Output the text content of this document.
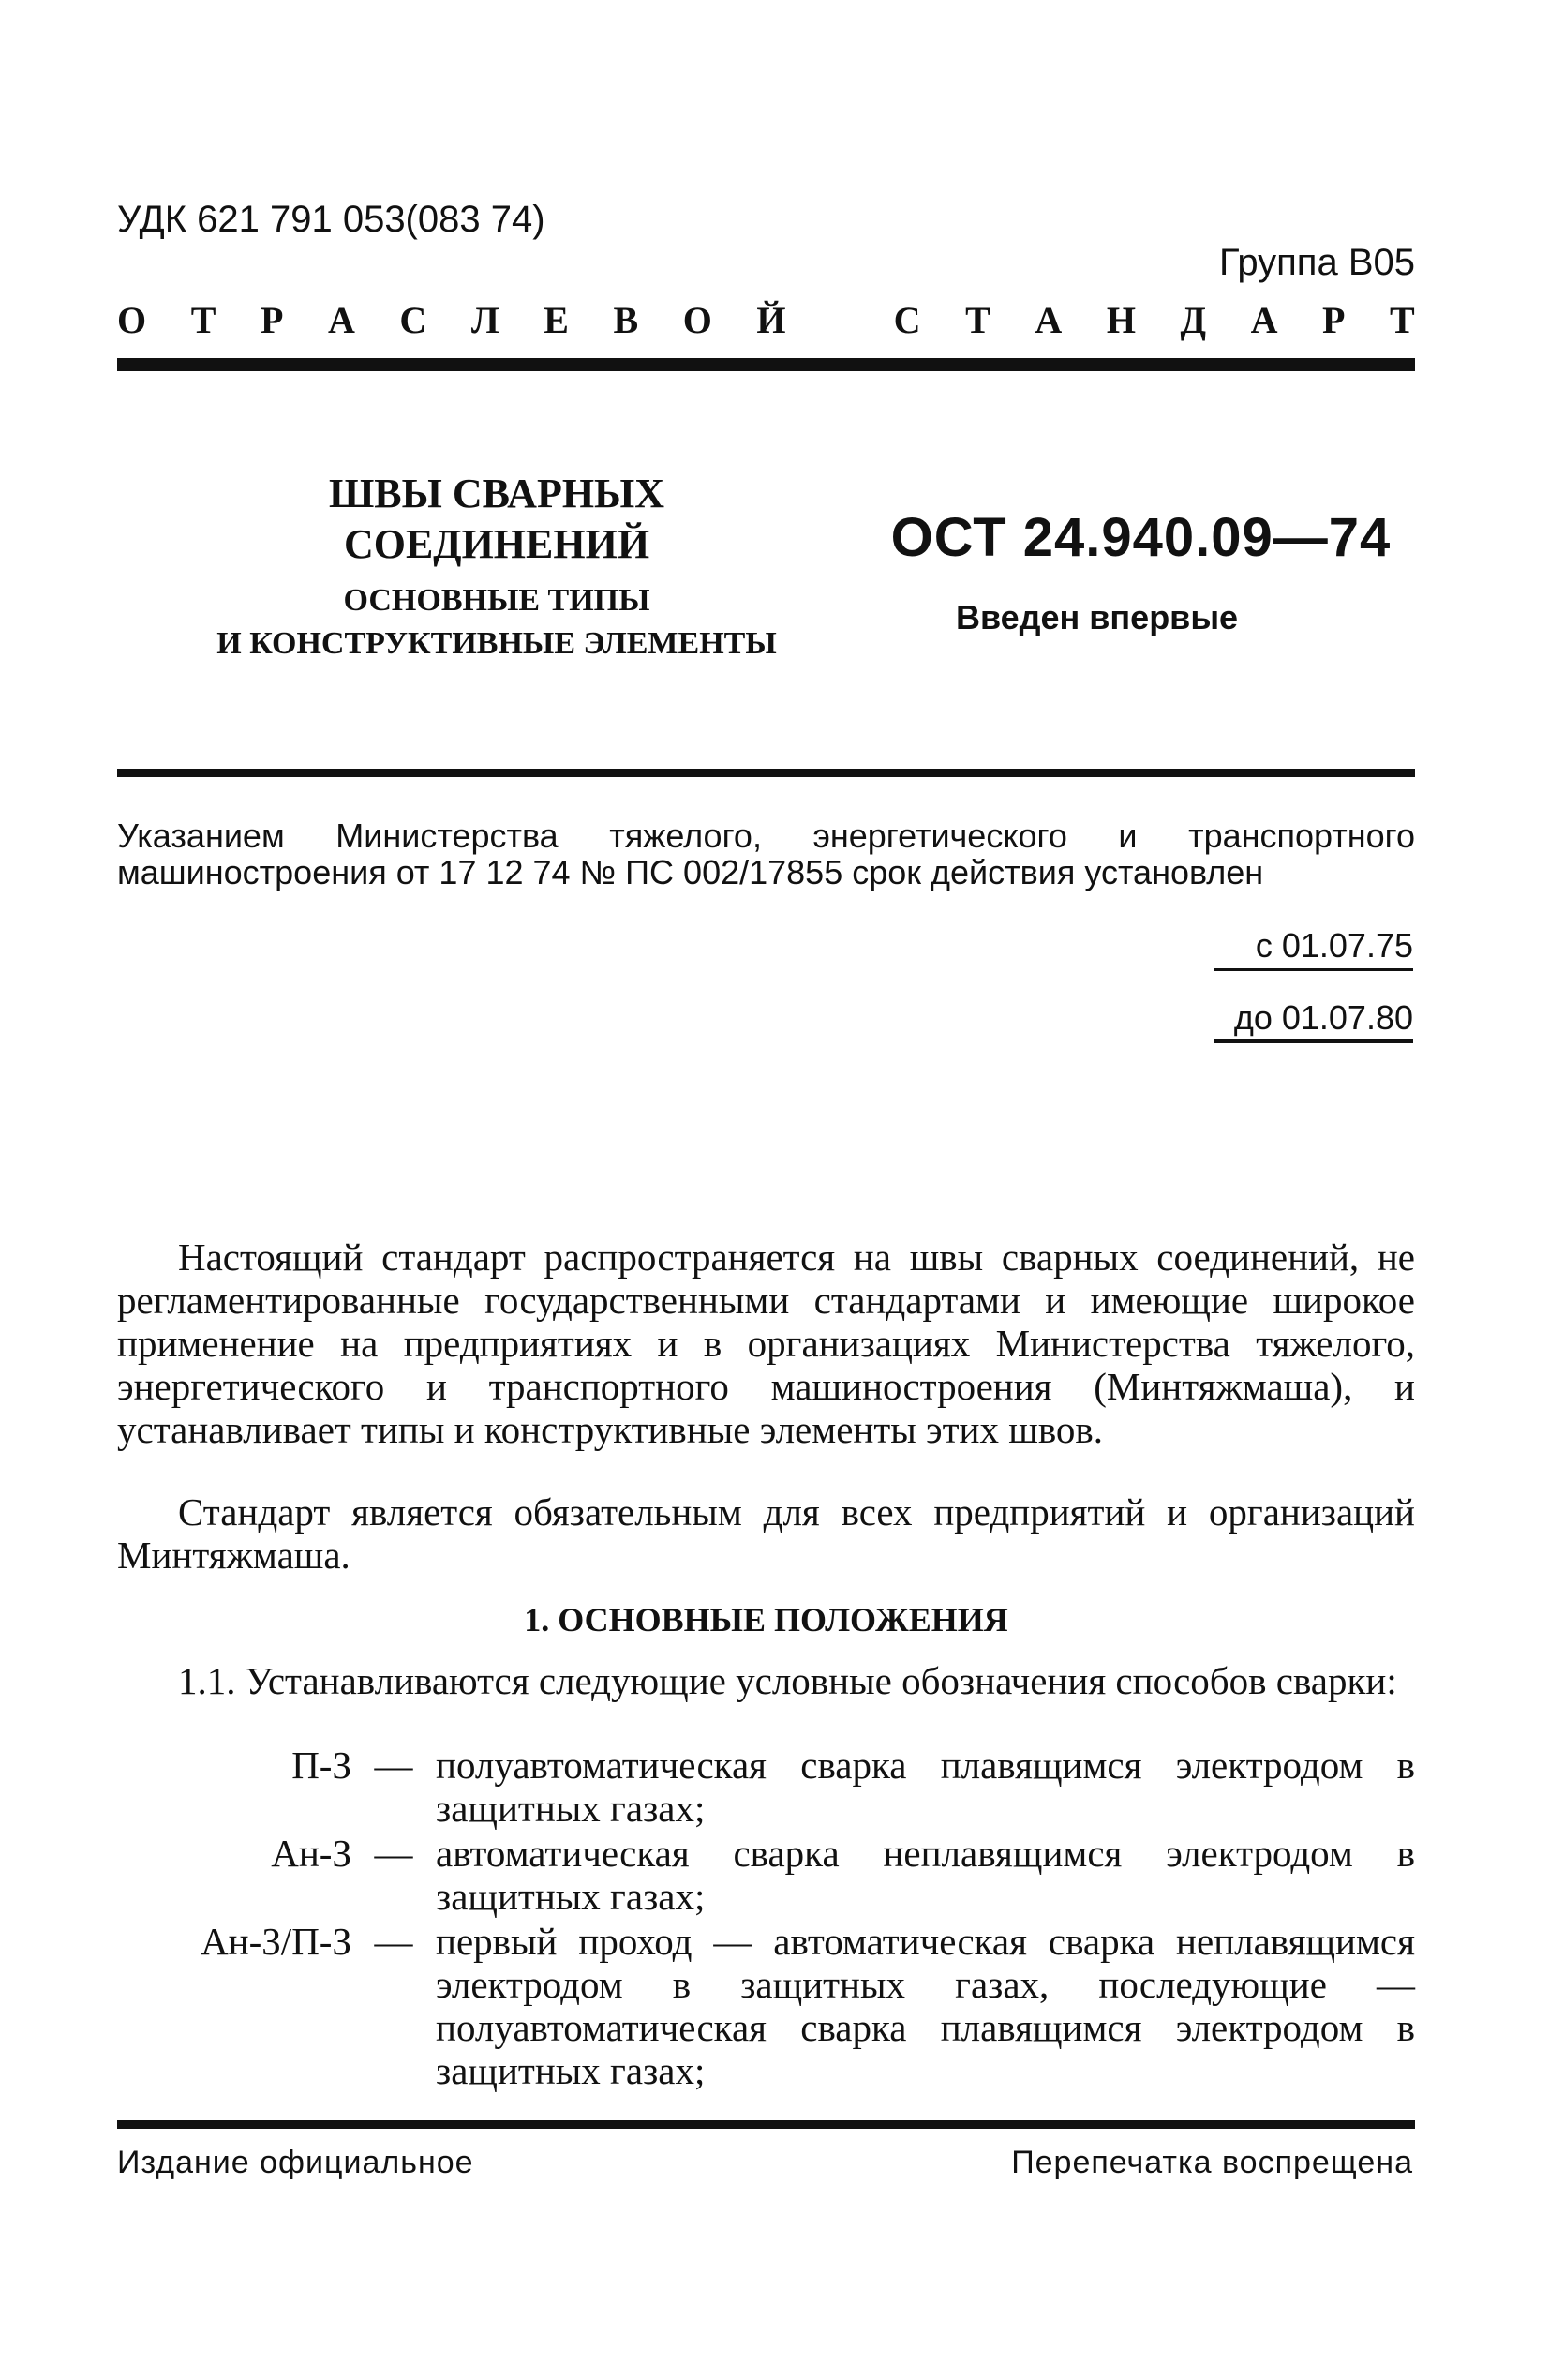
УДК 621 791 053(083 74)
Группа В05
О Т Р А С Л Е В О Й	С Т А Н Д А Р Т
ШВЫ СВАРНЫХ
СОЕДИНЕНИЙ
ОСНОВНЫЕ ТИПЫ
И КОНСТРУКТИВНЫЕ ЭЛЕМЕНТЫ
ОСТ 24.940.09—74
Введен впервые
Указанием Министерства тяжелого, энергетического и транспортного машиностроения от 17 12 74 № ПС 002/17855 срок действия установлен
с 01.07.75
до 01.07.80
Настоящий стандарт распространяется на швы сварных соединений, не регламентированные государственными стандартами и имеющие широкое применение на предприятиях и в организациях Министерства тяжелого, энергетического и транспортного машиностроения (Минтяжмаша), и устанавливает типы и конструктивные элементы этих швов.
Стандарт является обязательным для всех предприятий и организаций Минтяжмаша.
1. ОСНОВНЫЕ ПОЛОЖЕНИЯ
1.1. Устанавливаются следующие условные обозначения способов сварки:
П-З — полуавтоматическая сварка плавящимся электродом в защитных газах;
Ан-З — автоматическая сварка неплавящимся электродом в защитных газах;
Ан-З/П-З — первый проход — автоматическая сварка неплавящимся электродом в защитных газах, последующие — полуавтоматическая сварка плавящимся электродом в защитных газах;
Издание официальное	Перепечатка воспрещена
